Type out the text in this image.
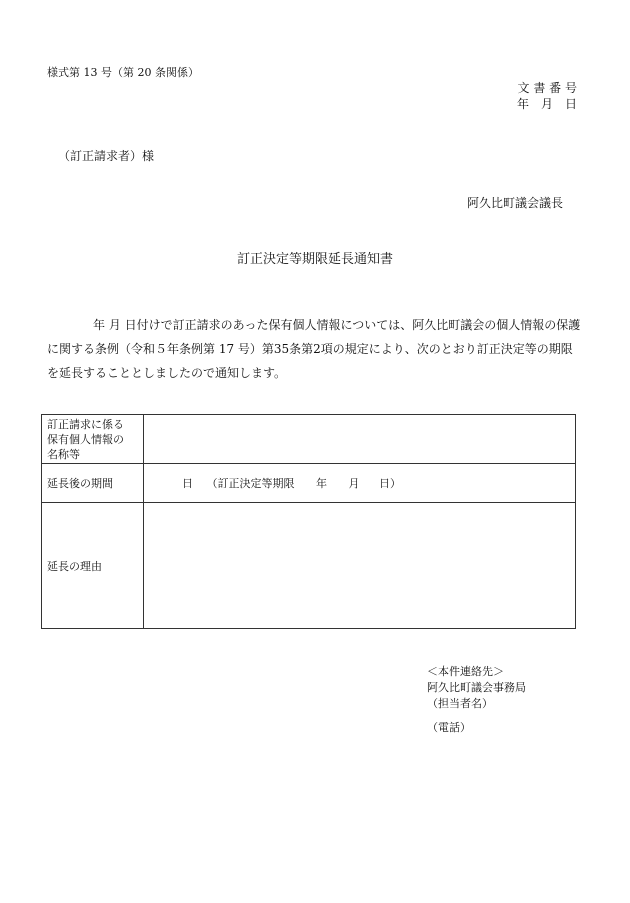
様式第 13 号（第 20 条関係）
文 書 番 号
年　月　日
（訂正請求者）様
阿久比町議会議長
訂正決定等期限延長通知書
年 月 日付けで訂正請求のあった保有個人情報については、阿久比町議会の個人情報の保護に関する条例（令和５年条例第 17 号）第35条第2項の規定により、次のとおり訂正決定等の期限を延長することとしましたので通知します。
訂正請求に係る
保有個人情報の
名称等	

延長後の期間	日 （訂正決定等期限 年 月 日）
延長の理由	
＜本件連絡先＞
阿久比町議会事務局
（担当者名）
（電話）
